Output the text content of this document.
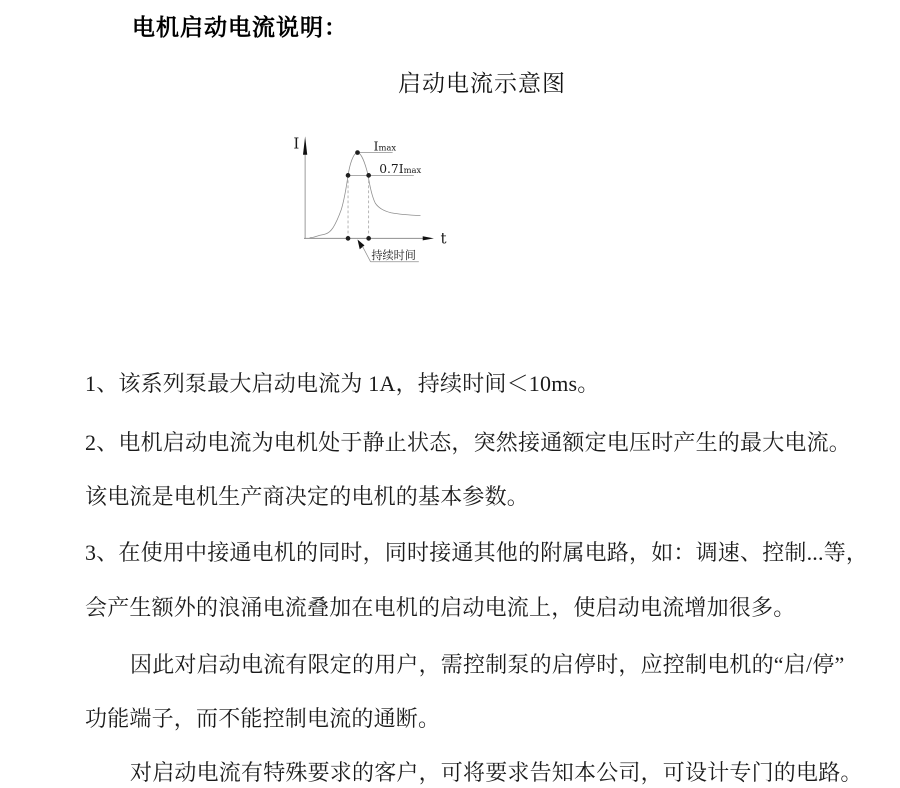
电机启动电流说明：
启动电流示意图
I
t
Imax
0.7Imax
持续时间
1、该系列泵最大启动电流为 1A，持续时间＜10ms。
2、电机启动电流为电机处于静止状态，突然接通额定电压时产生的最大电流。
该电流是电机生产商决定的电机的基本参数。
3、在使用中接通电机的同时，同时接通其他的附属电路，如：调速、控制...等，
会产生额外的浪涌电流叠加在电机的启动电流上，使启动电流增加很多。
因此对启动电流有限定的用户，需控制泵的启停时，应控制电机的“启/停”
功能端子，而不能控制电流的通断。
对启动电流有特殊要求的客户，可将要求告知本公司，可设计专门的电路。
